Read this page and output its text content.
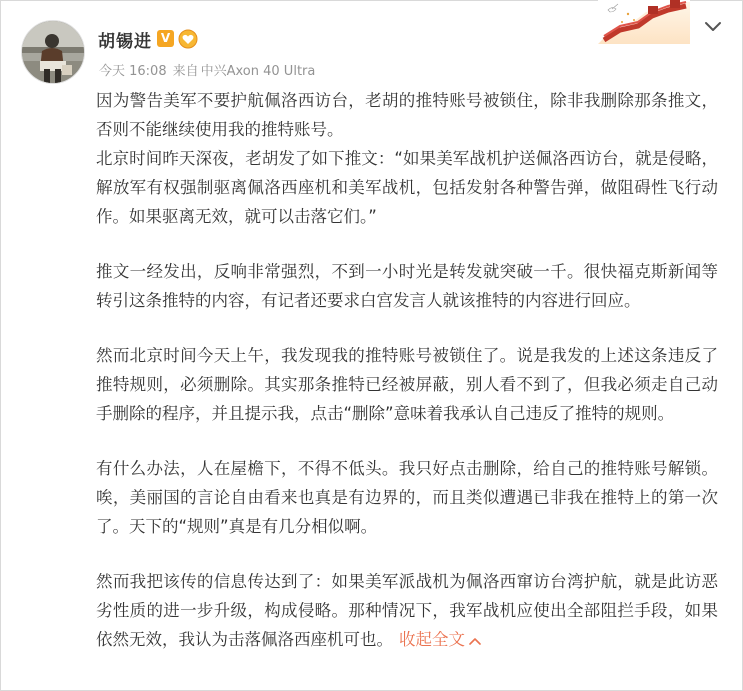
胡锡进 V
今天 16:08 来自 中兴Axon 40 Ultra

因为警告美军不要护航佩洛西访台，老胡的推特账号被锁住，除非我删除那条推文，否则不能继续使用我的推特账号。

北京时间昨天深夜，老胡发了如下推文：“如果美军战机护送佩洛西访台，就是侵略，解放军有权强制驱离佩洛西座机和美军战机，包括发射各种警告弹，做阻碍性飞行动作。如果驱离无效，就可以击落它们。”

推文一经发出，反响非常强烈，不到一小时光是转发就突破一千。很快福克斯新闻等转引这条推特的内容，有记者还要求白宫发言人就该推特的内容进行回应。

然而北京时间今天上午，我发现我的推特账号被锁住了。说是我发的上述这条违反了推特规则，必须删除。其实那条推特已经被屏蔽，别人看不到了，但我必须走自己动手删除的程序，并且提示我，点击“删除”意味着我承认自己违反了推特的规则。

有什么办法，人在屋檐下，不得不低头。我只好点击删除，给自己的推特账号解锁。唉，美丽国的言论自由看来也真是有边界的，而且类似遭遇已非我在推特上的第一次了。天下的“规则”真是有几分相似啊。

然而我把该传的信息传达到了：如果美军派战机为佩洛西窜访台湾护航，就是此访恶劣性质的进一步升级，构成侵略。那种情况下，我军战机应使出全部阻拦手段，如果依然无效，我认为击落佩洛西座机可也。 收起全文
